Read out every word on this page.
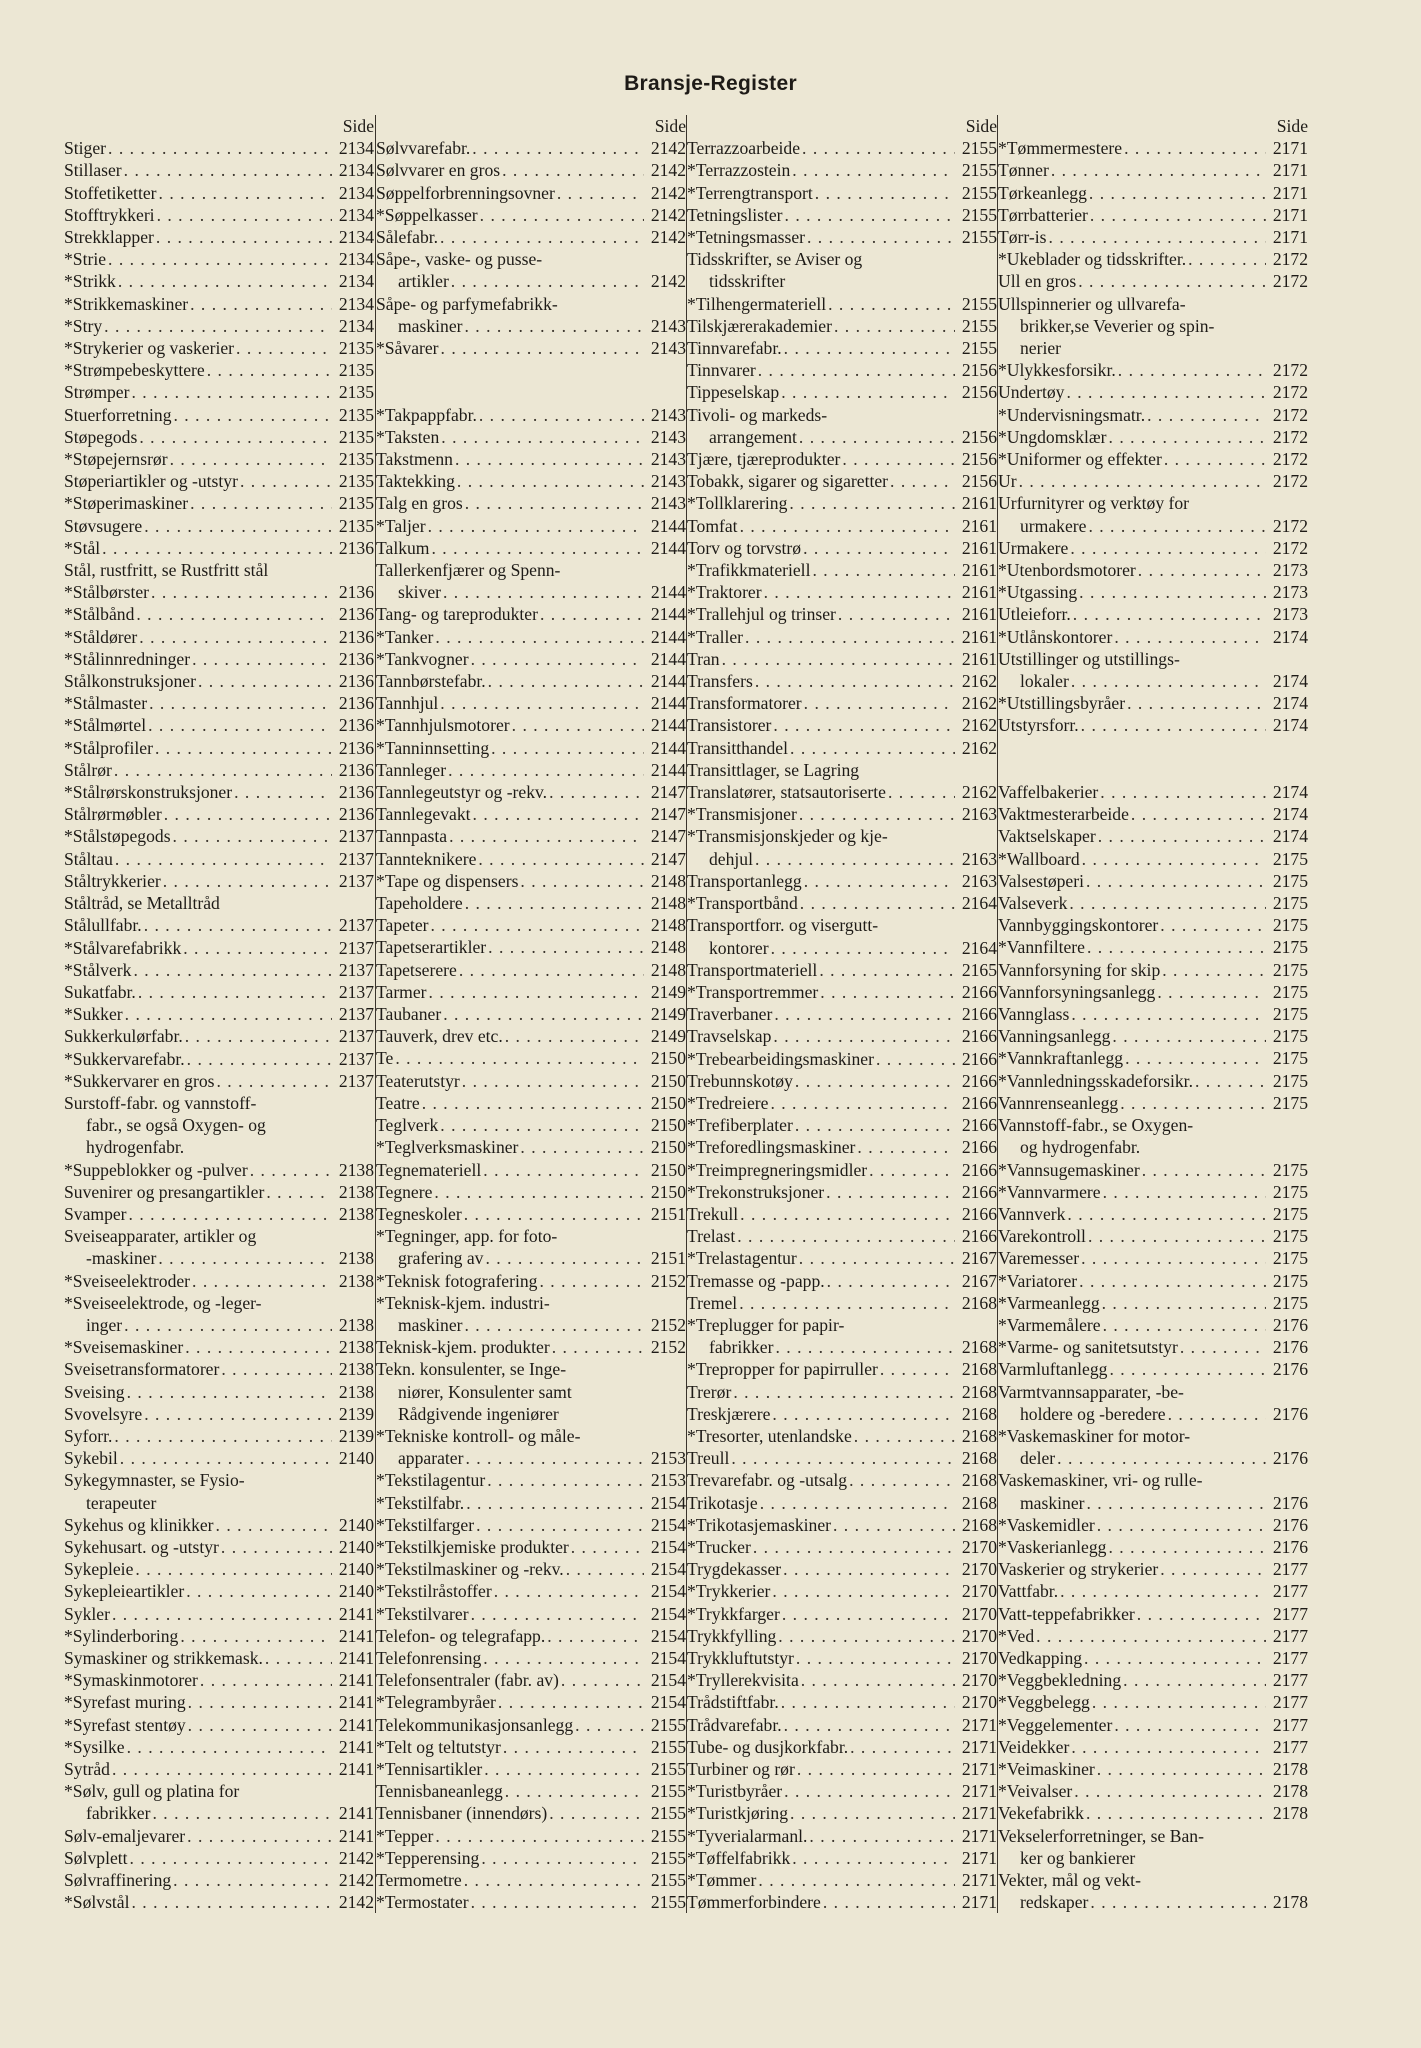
Bransje-Register
Side
Stiger . . .	2134
Stillaser . . .	2134
Stoffetiketter . . .	2134
Stofftrykkeri . . .	2134
Strekklapper . . .	2134
*Strie . . .	2134
*Strikk . . .	2134
*Strikkemaskiner . . .	2134
*Stry . . .	2134
*Strykerier og vaskerier . . .	2135
*Strømpebeskyttere . . .	2135
Strømper . . .	2135
Stuerforretning . . .	2135
Støpegods . . .	2135
*Støpejernsrør . . .	2135
Støperiartikler og -utstyr . . .	2135
*Støperimaskiner . . .	2135
Støvsugere . . .	2135
*Stål . . .	2136
Stål, rustfritt, se Rustfritt stål
*Stålbørster . . .	2136
*Stålbånd . . .	2136
*Ståldører . . .	2136
*Stålinnredninger . . .	2136
Stålkonstruksjoner . . .	2136
*Stålmaster . . .	2136
*Stålmørtel . . .	2136
*Stålprofiler . . .	2136
Stålrør . . .	2136
*Stålrørskonstruksjoner . . .	2136
Stålrørmøbler . . .	2136
*Stålstøpegods . . .	2137
Ståltau . . .	2137
Ståltrykkerier . . .	2137
Ståltråd, se Metalltråd
Stålullfabr. . . .	2137
*Stålvarefabrikk . . .	2137
*Stålverk . . .	2137
Sukatfabr. . . .	2137
*Sukker . . .	2137
Sukkerkulørfabr. . . .	2137
*Sukkervarefabr. . . .	2137
*Sukkervarer en gros . . .	2137
Surstoff-fabr. og vannstoff-
fabr., se også Oxygen- og
hydrogenfabr.
*Suppeblokker og -pulver . . .	2138
Suvenirer og presangartikler . . .	2138
Svamper . . .	2138
Sveiseapparater, artikler og
-maskiner . . .	2138
*Sveiseelektroder . . .	2138
*Sveiseelektrode, og -leger-
inger . . .	2138
*Sveisemaskiner . . .	2138
Sveisetransformatorer . . .	2138
Sveising . . .	2138
Svovelsyre . . .	2139
Syforr. . . .	2139
Sykebil . . .	2140
Sykegymnaster, se Fysio-
terapeuter
Sykehus og klinikker . . .	2140
Sykehusart. og -utstyr . . .	2140
Sykepleie . . .	2140
Sykepleieartikler . . .	2140
Sykler . . .	2141
*Sylinderboring . . .	2141
Symaskiner og strikkemask. . . .	2141
*Symaskinmotorer . . .	2141
*Syrefast muring . . .	2141
*Syrefast stentøy . . .	2141
*Sysilke . . .	2141
Sytråd . . .	2141
*Sølv, gull og platina for
fabrikker . . .	2141
Sølv-emaljevarer . . .	2141
Sølvplett . . .	2142
Sølvraffinering . . .	2142
*Sølvstål . . .	2142
Side
Sølvvarefabr. . . .	2142
Sølvvarer en gros . . .	2142
Søppelforbrenningsovner . . .	2142
*Søppelkasser . . .	2142
Sålefabr. . . .	2142
Såpe-, vaske- og pusse-
artikler . . .	2142
Såpe- og parfymefabrikk-
maskiner . . .	2143
*Såvarer . . .	2143
*Takpappfabr. . . .	2143
*Taksten . . .	2143
Takstmenn . . .	2143
Taktekking . . .	2143
Talg en gros . . .	2143
*Taljer . . .	2144
Talkum . . .	2144
Tallerkenfjærer og Spenn-
skiver . . .	2144
Tang- og tareprodukter . . .	2144
*Tanker . . .	2144
*Tankvogner . . .	2144
Tannbørstefabr. . . .	2144
Tannhjul . . .	2144
*Tannhjulsmotorer . . .	2144
*Tanninnsetting . . .	2144
Tannleger . . .	2144
Tannlegeutstyr og -rekv. . . .	2147
Tannlegevakt . . .	2147
Tannpasta . . .	2147
Tannteknikere . . .	2147
*Tape og dispensers . . .	2148
Tapeholdere . . .	2148
Tapeter . . .	2148
Tapetserartikler . . .	2148
Tapetserere . . .	2148
Tarmer . . .	2149
Taubaner . . .	2149
Tauverk, drev etc. . . .	2149
Te . . .	2150
Teaterutstyr . . .	2150
Teatre . . .	2150
Teglverk . . .	2150
*Teglverksmaskiner . . .	2150
Tegnemateriell . . .	2150
Tegnere . . .	2150
Tegneskoler . . .	2151
*Tegninger, app. for foto-
grafering av . . .	2151
*Teknisk fotografering . . .	2152
*Teknisk-kjem. industri-
maskiner . . .	2152
Teknisk-kjem. produkter . . .	2152
Tekn. konsulenter, se Inge-
niører, Konsulenter samt
Rådgivende ingeniører
*Tekniske kontroll- og måle-
apparater . . .	2153
*Tekstilagentur . . .	2153
*Tekstilfabr. . . .	2154
*Tekstilfarger . . .	2154
*Tekstilkjemiske produkter . . .	2154
*Tekstilmaskiner og -rekv. . . .	2154
*Tekstilråstoffer . . .	2154
*Tekstilvarer . . .	2154
Telefon- og telegrafapp. . . .	2154
Telefonrensing . . .	2154
Telefonsentraler (fabr. av) . . .	2154
*Telegrambyråer . . .	2154
Telekommunikasjonsanlegg . . .	2155
*Telt og teltutstyr . . .	2155
*Tennisartikler . . .	2155
Tennisbaneanlegg . . .	2155
Tennisbaner (innendørs) . . .	2155
*Tepper . . .	2155
*Tepperensing . . .	2155
Termometre . . .	2155
*Termostater . . .	2155
Side
Terrazzoarbeide . . .	2155
*Terrazzostein . . .	2155
*Terrengtransport . . .	2155
Tetningslister . . .	2155
*Tetningsmasser . . .	2155
Tidsskrifter, se Aviser og
tidsskrifter
*Tilhengermateriell . . .	2155
Tilskjærerakademier . . .	2155
Tinnvarefabr. . . .	2155
Tinnvarer . . .	2156
Tippeselskap . . .	2156
Tivoli- og markeds-
arrangement . . .	2156
Tjære, tjæreprodukter . . .	2156
Tobakk, sigarer og sigaretter . . .	2156
*Tollklarering . . .	2161
Tomfat . . .	2161
Torv og torvstrø . . .	2161
*Trafikkmateriell . . .	2161
*Traktorer . . .	2161
*Trallehjul og trinser . . .	2161
*Traller . . .	2161
Tran . . .	2161
Transfers . . .	2162
Transformatorer . . .	2162
Transistorer . . .	2162
Transitthandel . . .	2162
Transittlager, se Lagring
Translatører, statsautoriserte . . .	2162
*Transmisjoner . . .	2163
*Transmisjonskjeder og kje-
dehjul . . .	2163
Transportanlegg . . .	2163
*Transportbånd . . .	2164
Transportforr. og visergutt-
kontorer . . .	2164
Transportmateriell . . .	2165
*Transportremmer . . .	2166
Traverbaner . . .	2166
Travselskap . . .	2166
*Trebearbeidingsmaskiner . . .	2166
Trebunnskotøy . . .	2166
*Tredreiere . . .	2166
*Trefiberplater . . .	2166
*Treforedlingsmaskiner . . .	2166
*Treimpregneringsmidler . . .	2166
*Trekonstruksjoner . . .	2166
Trekull . . .	2166
Trelast . . .	2166
*Trelastagentur . . .	2167
Tremasse og -papp. . . .	2167
Tremel . . .	2168
*Treplugger for papir-
fabrikker . . .	2168
*Trepropper for papirruller . . .	2168
Trerør . . .	2168
Treskjærere . . .	2168
*Tresorter, utenlandske . . .	2168
Treull . . .	2168
Trevarefabr. og -utsalg . . .	2168
Trikotasje . . .	2168
*Trikotasjemaskiner . . .	2168
*Trucker . . .	2170
Trygdekasser . . .	2170
*Trykkerier . . .	2170
*Trykkfarger . . .	2170
Trykkfylling . . .	2170
Trykkluftutstyr . . .	2170
*Tryllerekvisita . . .	2170
Trådstiftfabr. . . .	2170
Trådvarefabr. . . .	2171
Tube- og dusjkorkfabr. . . .	2171
Turbiner og rør . . .	2171
*Turistbyråer . . .	2171
*Turistkjøring . . .	2171
*Tyverialarmanl. . . .	2171
*Tøffelfabrikk . . .	2171
*Tømmer . . .	2171
Tømmerforbindere . . .	2171
Side
*Tømmermestere . . .	2171
Tønner . . .	2171
Tørkeanlegg . . .	2171
Tørrbatterier . . .	2171
Tørr-is . . .	2171
*Ukeblader og tidsskrifter. . . .	2172
Ull en gros . . .	2172
Ullspinnerier og ullvarefa-
brikker,se Veverier og spin-
nerier
*Ulykkesforsikr. . . .	2172
Undertøy . . .	2172
*Undervisningsmatr. . . .	2172
*Ungdomsklær . . .	2172
*Uniformer og effekter . . .	2172
Ur . . .	2172
Urfurnityrer og verktøy for
urmakere . . .	2172
Urmakere . . .	2172
*Utenbordsmotorer . . .	2173
*Utgassing . . .	2173
Utleieforr. . . .	2173
*Utlånskontorer . . .	2174
Utstillinger og utstillings-
lokaler . . .	2174
*Utstillingsbyråer . . .	2174
Utstyrsforr. . . .	2174
Vaffelbakerier . . .	2174
Vaktmesterarbeide . . .	2174
Vaktselskaper . . .	2174
*Wallboard . . .	2175
Valsestøperi . . .	2175
Valseverk . . .	2175
Vannbyggingskontorer . . .	2175
*Vannfiltere . . .	2175
Vannforsyning for skip . . .	2175
Vannforsyningsanlegg . . .	2175
Vannglass . . .	2175
Vanningsanlegg . . .	2175
*Vannkraftanlegg . . .	2175
*Vannledningsskadeforsikr. . . .	2175
Vannrenseanlegg . . .	2175
Vannstoff-fabr., se Oxygen-
og hydrogenfabr.
*Vannsugemaskiner . . .	2175
*Vannvarmere . . .	2175
Vannverk . . .	2175
Varekontroll . . .	2175
Varemesser . . .	2175
*Variatorer . . .	2175
*Varmeanlegg . . .	2175
*Varmemålere . . .	2176
*Varme- og sanitetsutstyr . . .	2176
Varmluftanlegg . . .	2176
Varmtvannsapparater, -be-
holdere og -beredere . . .	2176
*Vaskemaskiner for motor-
deler . . .	2176
Vaskemaskiner, vri- og rulle-
maskiner . . .	2176
*Vaskemidler . . .	2176
*Vaskerianlegg . . .	2176
Vaskerier og strykerier . . .	2177
Vattfabr. . . .	2177
Vatt-teppefabrikker . . .	2177
*Ved . . .	2177
Vedkapping . . .	2177
*Veggbekledning . . .	2177
*Veggbelegg . . .	2177
*Veggelementer . . .	2177
Veidekker . . .	2177
*Veimaskiner . . .	2178
*Veivalser . . .	2178
Vekefabrikk . . .	2178
Vekselerforretninger, se Ban-
ker og bankierer
Vekter, mål og vekt-
redskaper . . .	2178
